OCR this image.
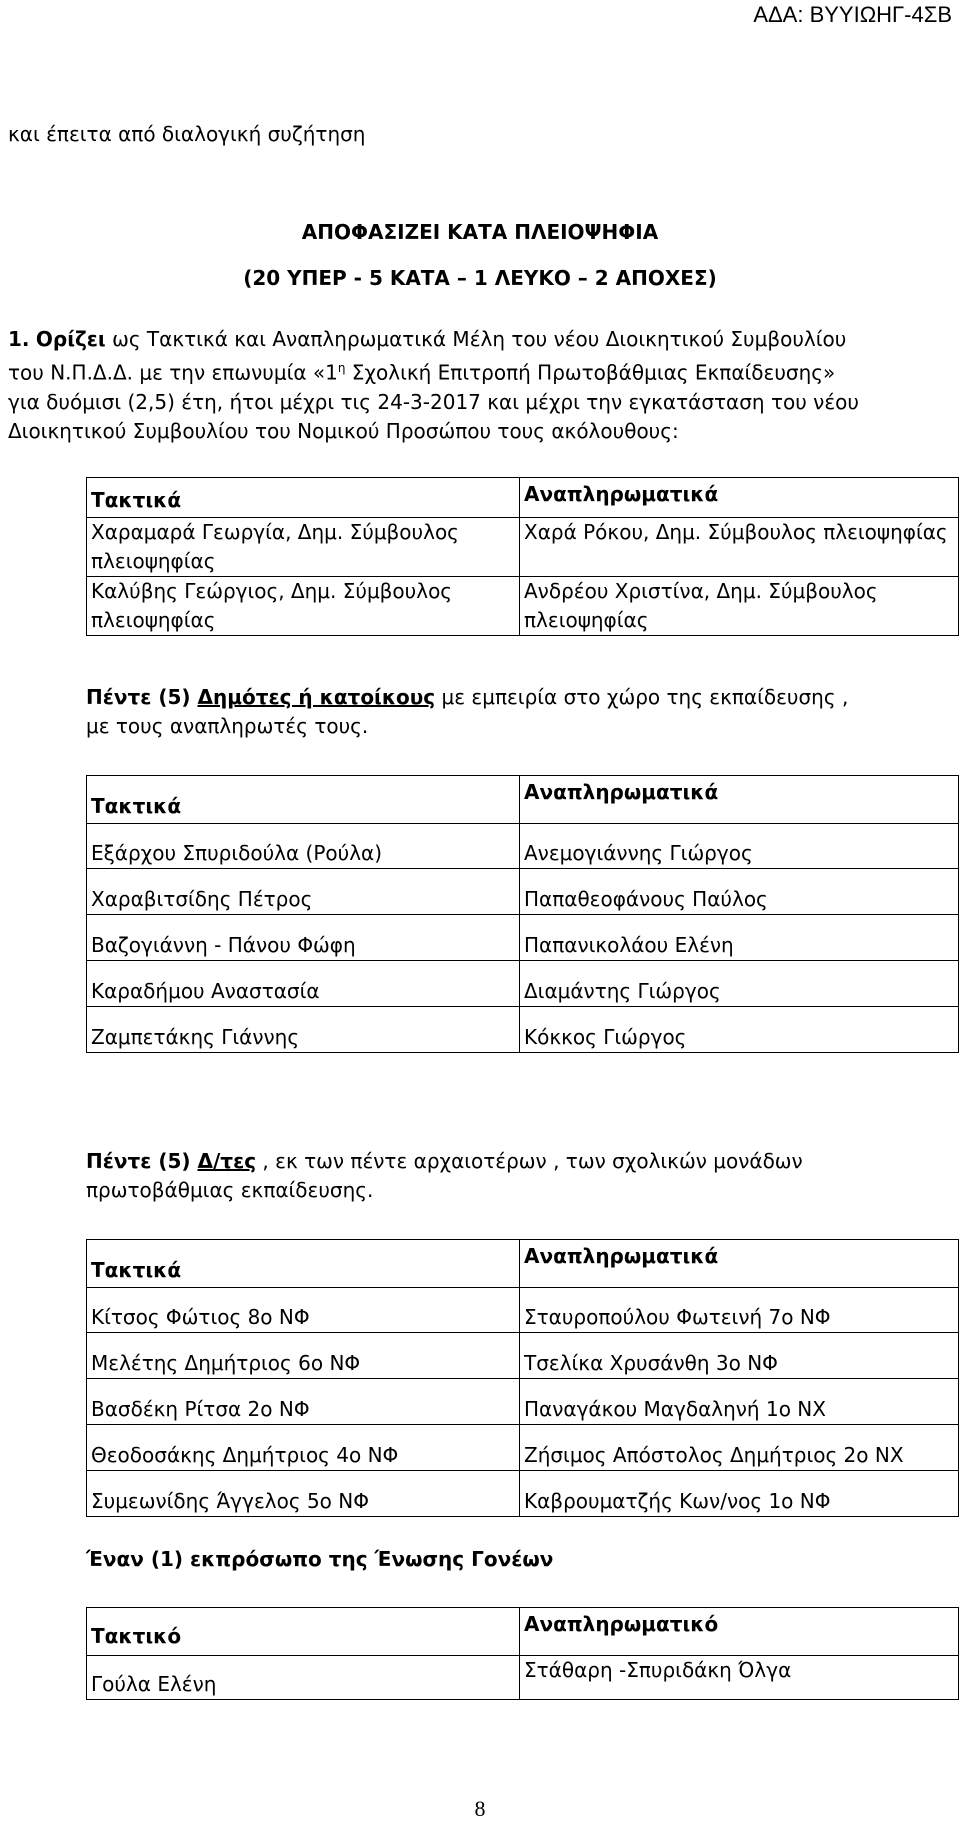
ΑΔΑ: ΒΥΥΙΩΗΓ-4ΣΒ
και έπειτα από διαλογική συζήτηση
ΑΠΟΦΑΣΙΖΕΙ ΚΑΤΑ ΠΛΕΙΟΨΗΦΙΑ
(20 ΥΠΕΡ - 5 ΚΑΤΑ – 1 ΛΕΥΚΟ – 2 ΑΠΟΧΕΣ)
1. Ορίζει ως Τακτικά και Αναπληρωματικά Μέλη του νέου Διοικητικού Συμβουλίου
του Ν.Π.Δ.Δ. με την επωνυμία «$1^\eta$ Σχολική Επιτροπή Πρωτοβάθμιας Εκπαίδευσης»
για δυόμισι (2,5) έτη, ήτοι μέχρι τις 24-3-2017 και μέχρι την εγκατάσταση του νέου
Διοικητικού Συμβουλίου του Νομικού Προσώπου τους ακόλουθους:
Τακτικά	Αναπληρωματικά
Χαραμαρά Γεωργία, Δημ. Σύμβουλος πλειοψηφίας	Χαρά Ρόκου, Δημ. Σύμβουλος πλειοψηφίας
Καλύβης Γεώργιος, Δημ. Σύμβουλος πλειοψηφίας	Ανδρέου Χριστίνα, Δημ. Σύμβουλος πλειοψηφίας
Πέντε (5) Δημότες ή κατοίκους με εμπειρία στο χώρο της εκπαίδευσης ,
με τους αναπληρωτές τους.
Τακτικά	Αναπληρωματικά
Εξάρχου Σπυριδούλα (Ρούλα)	Ανεμογιάννης Γιώργος
Χαραβιτσίδης Πέτρος	Παπαθεοφάνους Παύλος
Βαζογιάννη - Πάνου Φώφη	Παπανικολάου Ελένη
Καραδήμου Αναστασία	Διαμάντης Γιώργος
Ζαμπετάκης Γιάννης	Κόκκος Γιώργος
Πέντε (5) Δ/τες , εκ των πέντε αρχαιοτέρων , των σχολικών μονάδων
πρωτοβάθμιας εκπαίδευσης.
Τακτικά	Αναπληρωματικά
Κίτσος Φώτιος 8ο ΝΦ	Σταυροπούλου Φωτεινή 7ο ΝΦ
Μελέτης Δημήτριος 6ο ΝΦ	Τσελίκα Χρυσάνθη 3ο ΝΦ
Βασδέκη Ρίτσα 2ο ΝΦ	Παναγάκου Μαγδαληνή 1ο ΝΧ
Θεοδοσάκης Δημήτριος 4ο ΝΦ	Ζήσιμος Απόστολος Δημήτριος 2ο ΝΧ
Συμεωνίδης Άγγελος 5ο ΝΦ	Καβρουματζής Κων/νος 1ο ΝΦ
Έναν (1) εκπρόσωπο της Ένωσης Γονέων
Τακτικό	Αναπληρωματικό
Γούλα Ελένη	Στάθαρη -Σπυριδάκη Όλγα
8
